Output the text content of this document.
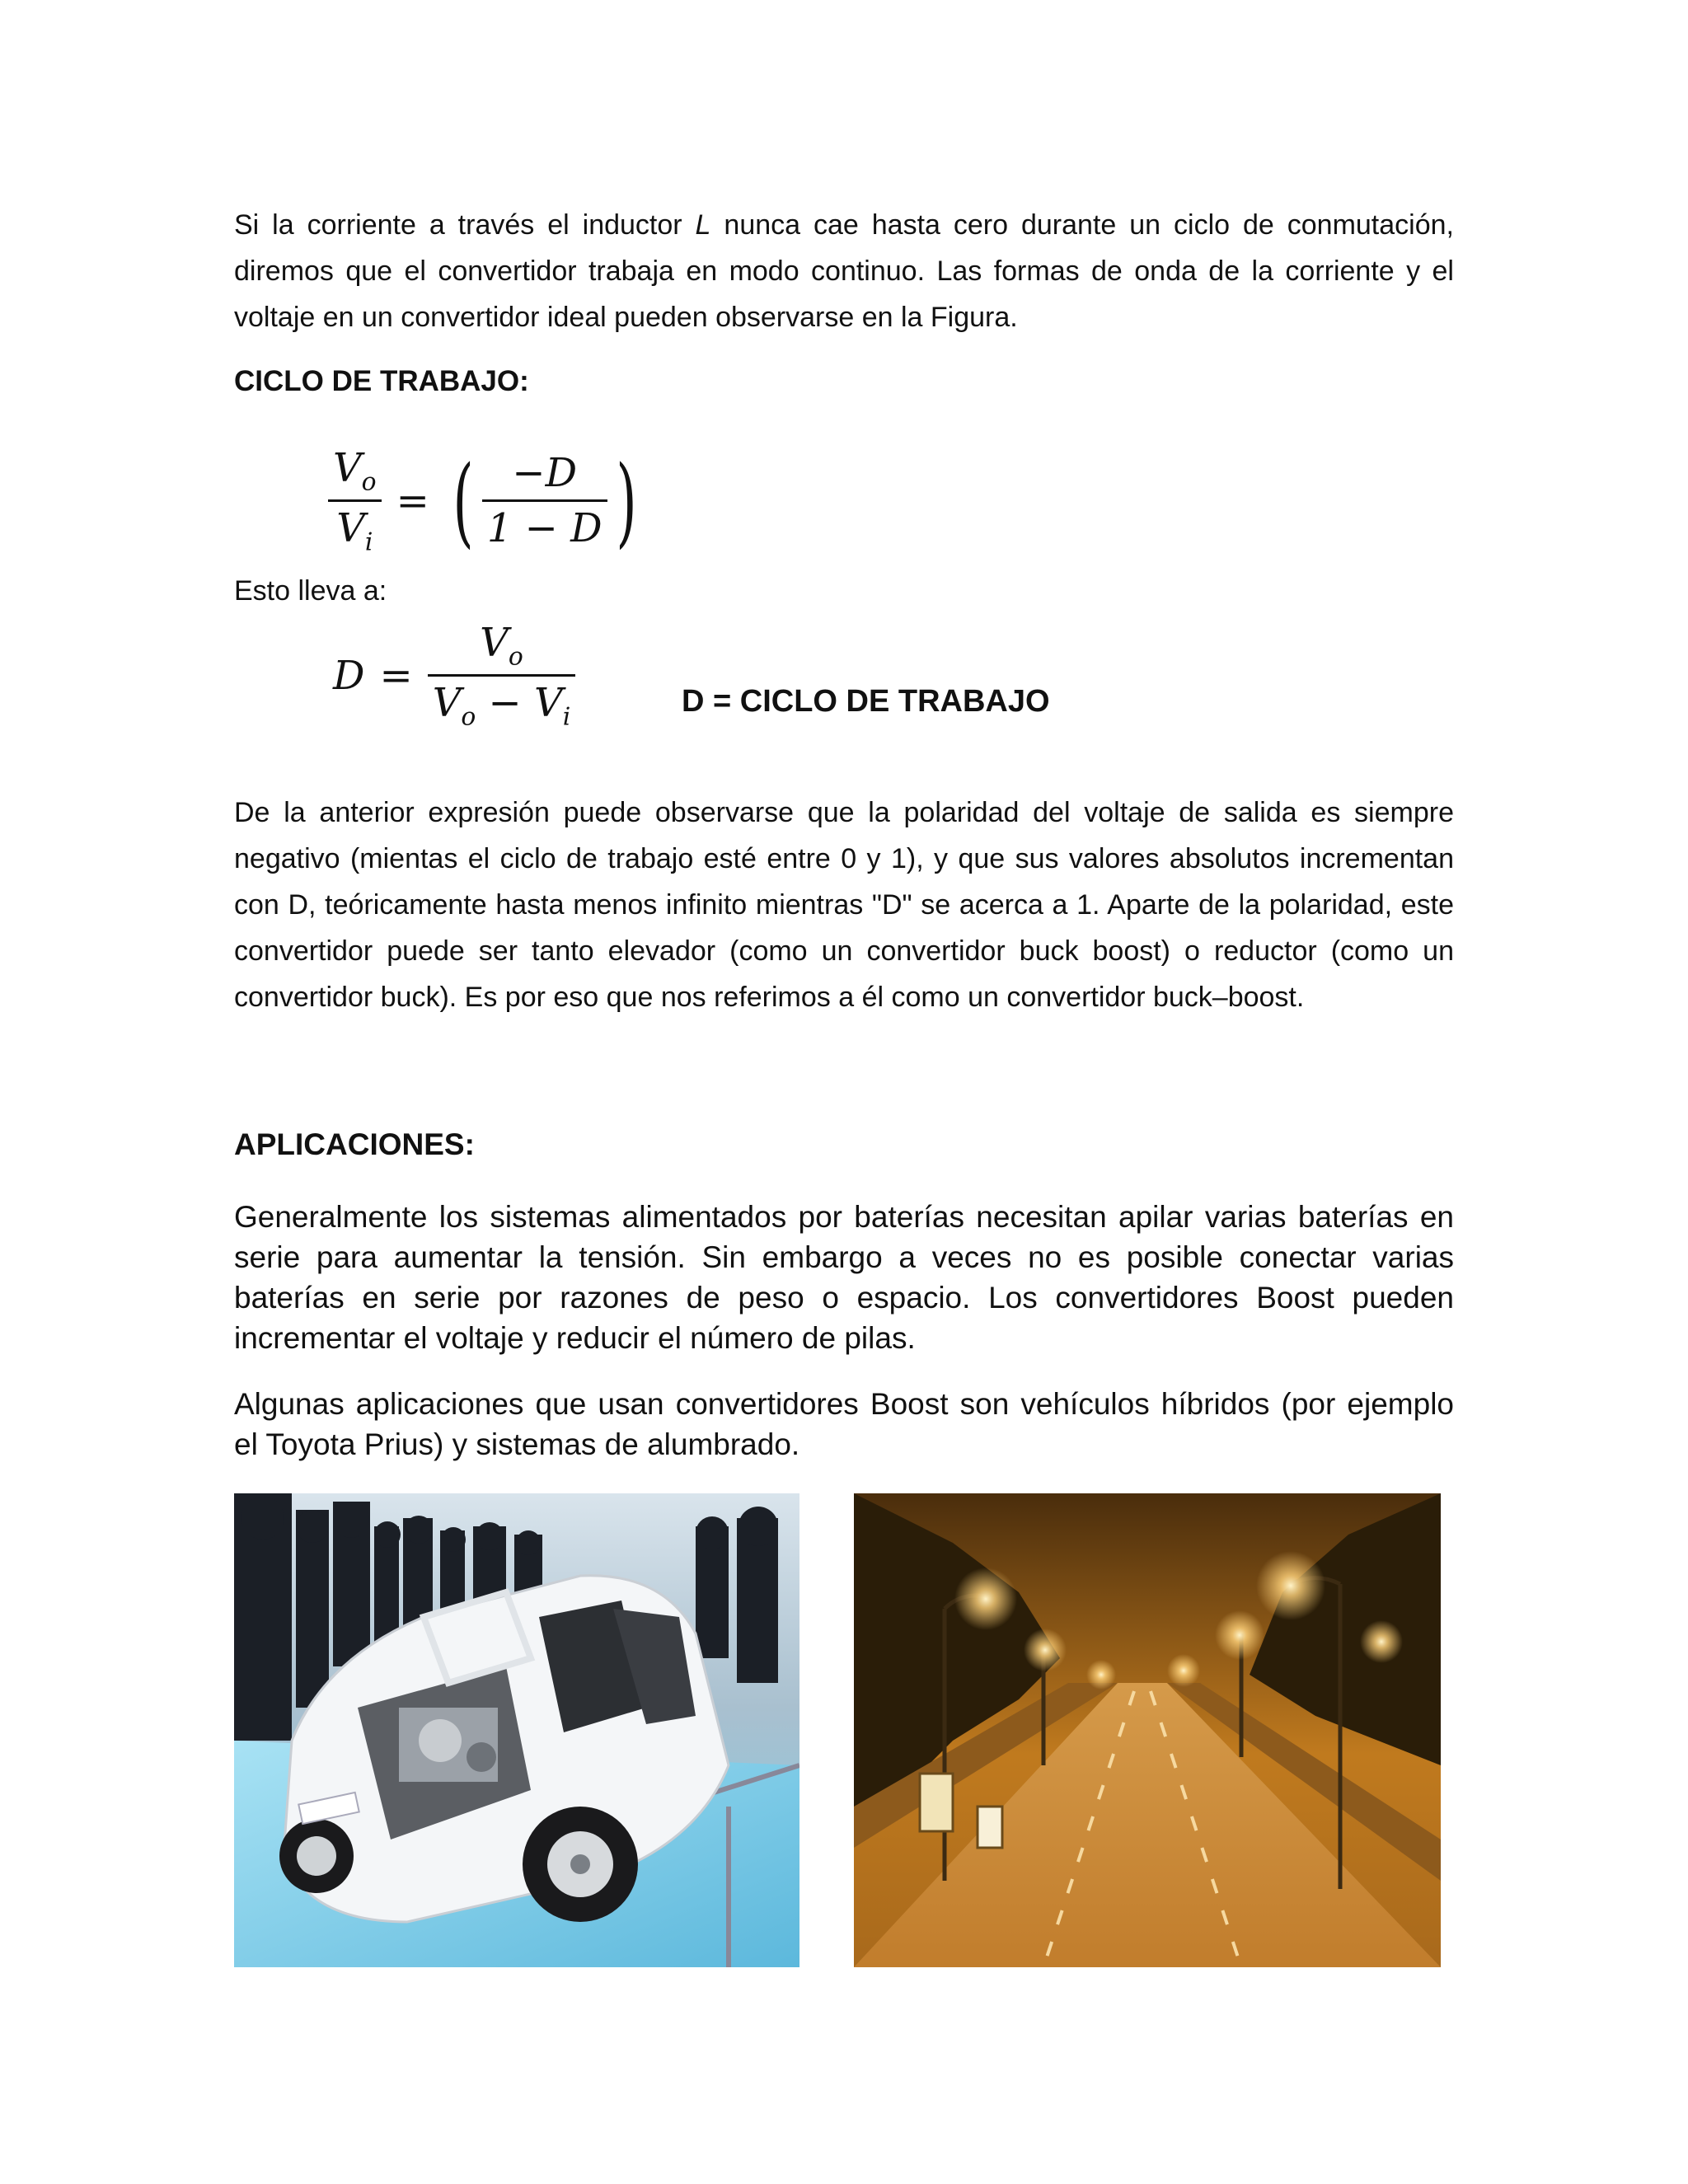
Si la corriente a través el inductor L nunca cae hasta cero durante un ciclo de conmutación, diremos que el convertidor trabaja en modo continuo. Las formas de onda de la corriente y el voltaje en un convertidor ideal pueden observarse en la Figura.
CICLO DE TRABAJO:
$\frac{V_o}{V_i}$ = ( $\frac{-D}{1 - D}$ )
Esto lleva a:
$D = \frac{V_o}{V_o - V_i}$	D = CICLO DE TRABAJO
De la anterior expresión puede observarse que la polaridad del voltaje de salida es siempre negativo (mientas el ciclo de trabajo esté entre 0 y 1), y que sus valores absolutos incrementan con D, teóricamente hasta menos infinito mientras "D" se acerca a 1. Aparte de la polaridad, este convertidor puede ser tanto elevador (como un convertidor buck boost) o reductor (como un convertidor buck). Es por eso que nos referimos a él como un convertidor buck–boost.
APLICACIONES:
Generalmente los sistemas alimentados por baterías necesitan apilar varias baterías en serie para aumentar la tensión. Sin embargo a veces no es posible conectar varias baterías en serie por razones de peso o espacio. Los convertidores Boost pueden incrementar el voltaje y reducir el número de pilas.
Algunas aplicaciones que usan convertidores Boost son vehículos híbridos (por ejemplo el Toyota Prius) y sistemas de alumbrado.
